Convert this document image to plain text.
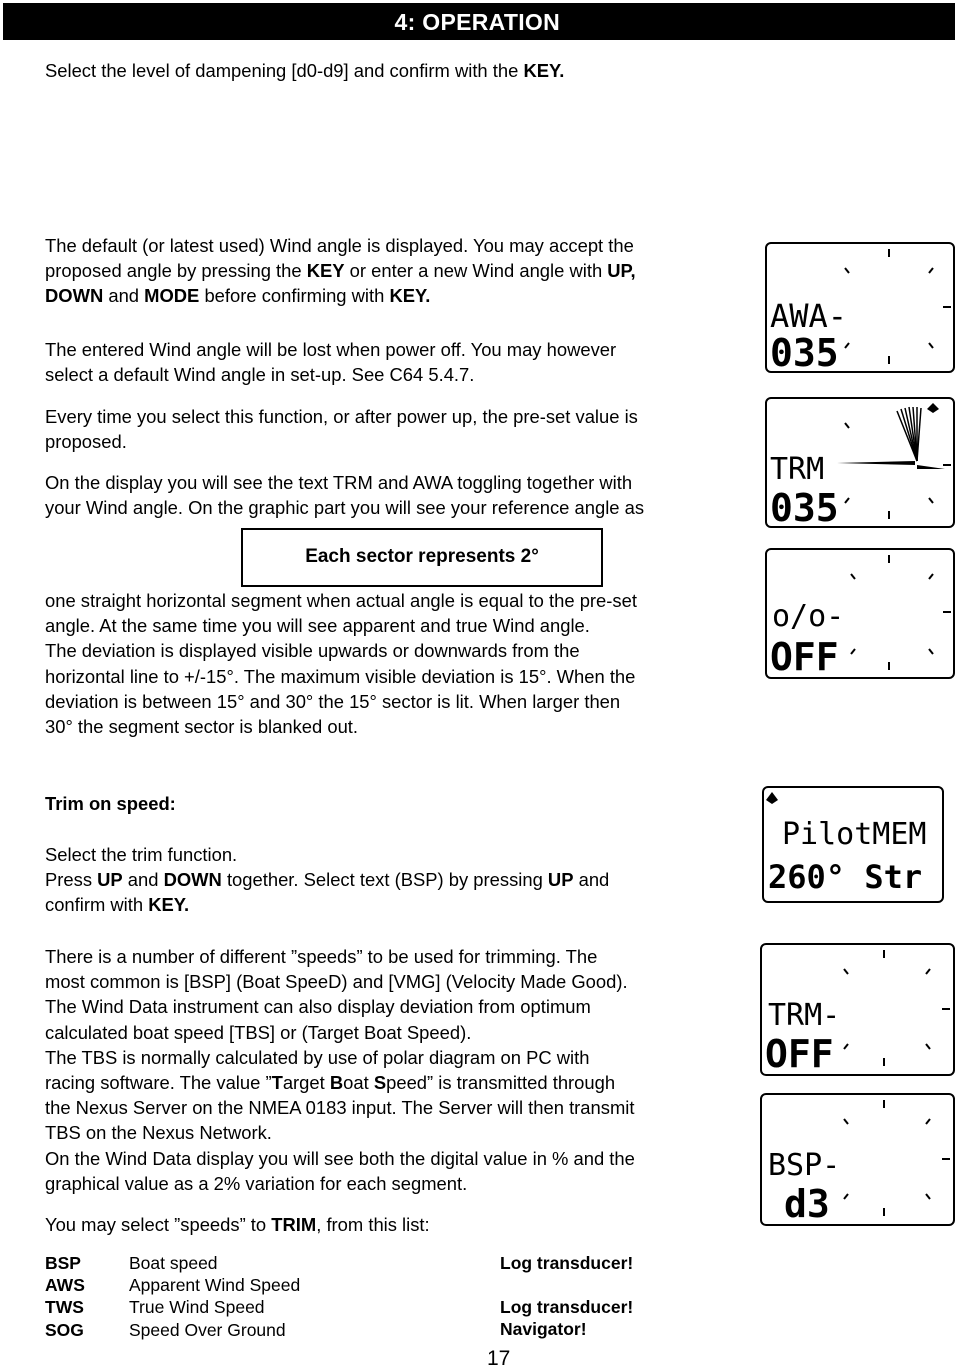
4: OPERATION
Select the level of dampening [d0-d9] and confirm with the KEY.
The default (or latest used) Wind angle is displayed. You may accept the
proposed angle by pressing the KEY or enter a new Wind angle with UP,
DOWN and MODE before confirming with KEY.
The entered Wind angle will be lost when power off. You may however
select a default Wind angle in set-up. See C64 5.4.7.
Every time you select this function, or after power up, the pre-set value is
proposed.
On the display you will see the text TRM and AWA toggling together with
your Wind angle. On the graphic part you will see your reference angle as
Each sector represents 2°
one straight horizontal segment when actual angle is equal to the pre-set
angle. At the same time you will see apparent and true Wind angle.
The deviation is displayed visible upwards or downwards from the
horizontal line to +/-15°. The maximum visible deviation is 15°. When the
deviation is between 15° and 30° the 15° sector is lit. When larger then
30° the segment sector is blanked out.
Trim on speed:
Select the trim function.
Press UP and DOWN together. Select text (BSP) by pressing UP and
confirm with KEY.
There is a number of different ”speeds” to be used for trimming. The
most common is [BSP] (Boat SpeeD) and [VMG] (Velocity Made Good).
The Wind Data instrument can also display deviation from optimum
calculated boat speed [TBS] or (Target Boat Speed).
The TBS is normally calculated by use of polar diagram on PC with
racing software. The value ”Target Boat Speed” is transmitted through
the Nexus Server on the NMEA 0183 input. The Server will then transmit
TBS on the Nexus Network.
On the Wind Data display you will see both the digital value in % and the
graphical value as a 2% variation for each segment.
You may select ”speeds” to TRIM, from this list:
BSP
AWS
TWS
SOG
Boat speed
Apparent Wind Speed
True Wind Speed
Speed Over Ground
Log transducer!
Log transducer!
Navigator!
AWA-
035
TRM
035
o/o-
OFF
PilotMEM
260° Str
TRM-
OFF
BSP-
d3
17
